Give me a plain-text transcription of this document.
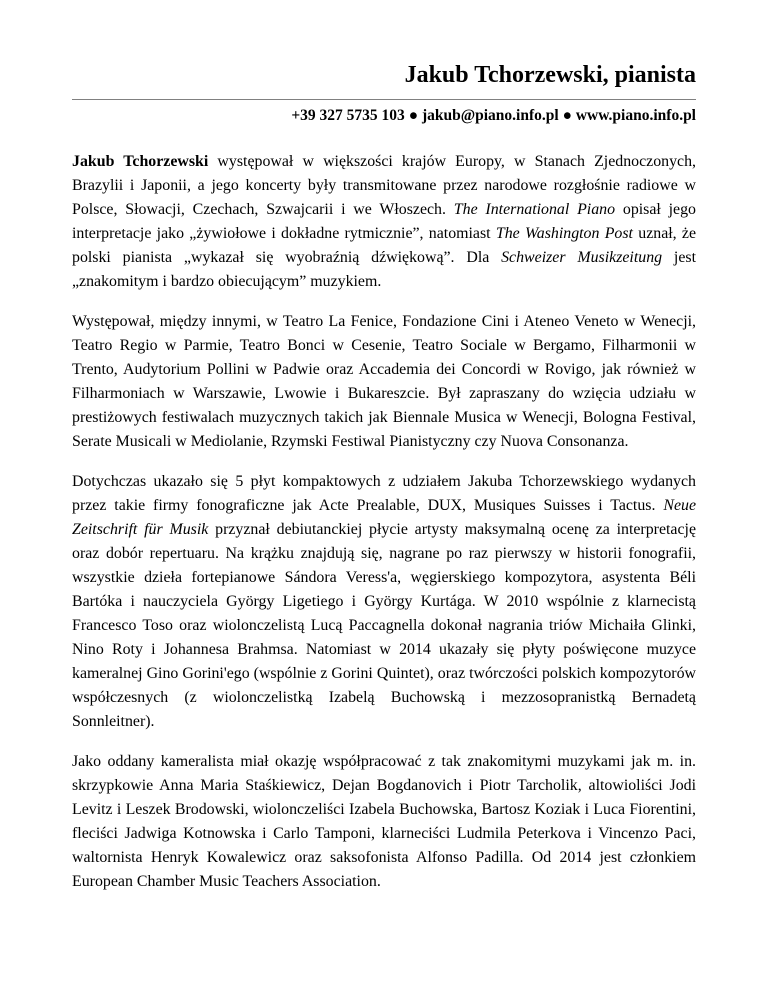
Jakub Tchorzewski, pianista
+39 327 5735 103 ● jakub@piano.info.pl ● www.piano.info.pl

Jakub Tchorzewski występował w większości krajów Europy, w Stanach Zjednoczonych, Brazylii i Japonii, a jego koncerty były transmitowane przez narodowe rozgłośnie radiowe w Polsce, Słowacji, Czechach, Szwajcarii i we Włoszech. The International Piano opisał jego interpretacje jako „żywiołowe i dokładne rytmicznie”, natomiast The Washington Post uznał, że polski pianista „wykazał się wyobraźnią dźwiękową”. Dla Schweizer Musikzeitung jest „znakomitym i bardzo obiecującym” muzykiem.

Występował, między innymi, w Teatro La Fenice, Fondazione Cini i Ateneo Veneto w Wenecji, Teatro Regio w Parmie, Teatro Bonci w Cesenie, Teatro Sociale w Bergamo, Filharmonii w Trento, Audytorium Pollini w Padwie oraz Accademia dei Concordi w Rovigo, jak również w Filharmoniach w Warszawie, Lwowie i Bukareszcie. Był zapraszany do wzięcia udziału w prestiżowych festiwalach muzycznych takich jak Biennale Musica w Wenecji, Bologna Festival, Serate Musicali w Mediolanie, Rzymski Festiwal Pianistyczny czy Nuova Consonanza.

Dotychczas ukazało się 5 płyt kompaktowych z udziałem Jakuba Tchorzewskiego wydanych przez takie firmy fonograficzne jak Acte Prealable, DUX, Musiques Suisses i Tactus. Neue Zeitschrift für Musik przyznał debiutanckiej płycie artysty maksymalną ocenę za interpretację oraz dobór repertuaru. Na krążku znajdują się, nagrane po raz pierwszy w historii fonografii, wszystkie dzieła fortepianowe Sándora Veress'a, węgierskiego kompozytora, asystenta Béli Bartóka i nauczyciela György Ligetiego i György Kurtága. W 2010 wspólnie z klarnecistą Francesco Toso oraz wiolonczelistą Lucą Paccagnella dokonał nagrania triów Michaiła Glinki, Nino Roty i Johannesa Brahmsa. Natomiast w 2014 ukazały się płyty poświęcone muzyce kameralnej Gino Gorini'ego (wspólnie z Gorini Quintet), oraz twórczości polskich kompozytorów współczesnych (z wiolonczelistką Izabelą Buchowską i mezzosopranistką Bernadetą Sonnleitner).

Jako oddany kameralista miał okazję współpracować z tak znakomitymi muzykami jak m. in. skrzypkowie Anna Maria Staśkiewicz, Dejan Bogdanovich i Piotr Tarcholik, altowioliści Jodi Levitz i Leszek Brodowski, wiolonczeliści Izabela Buchowska, Bartosz Koziak i Luca Fiorentini, fleciści Jadwiga Kotnowska i Carlo Tamponi, klarneciści Ludmila Peterkova i Vincenzo Paci, waltornista Henryk Kowalewicz oraz saksofonista Alfonso Padilla. Od 2014 jest członkiem European Chamber Music Teachers Association.
